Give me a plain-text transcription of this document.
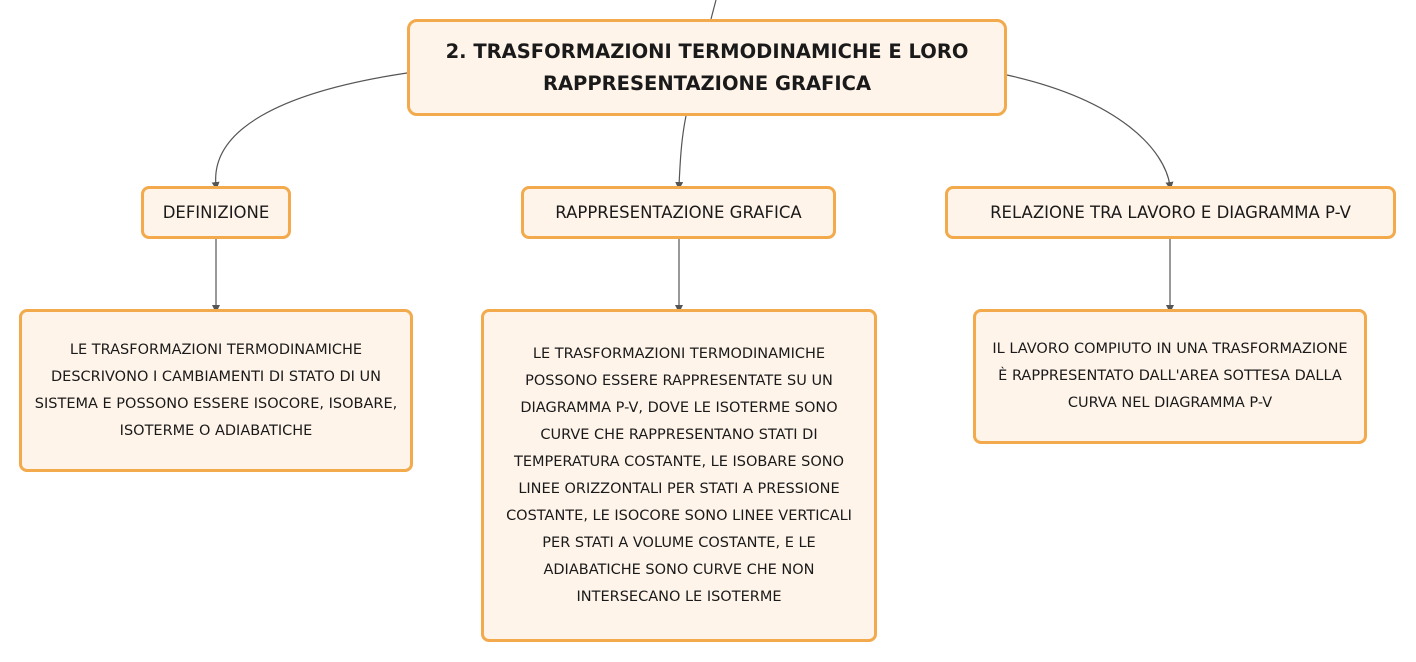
2. TRASFORMAZIONI TERMODINAMICHE E LORO RAPPRESENTAZIONE GRAFICA
DEFINIZIONE	RAPPRESENTAZIONE GRAFICA	RELAZIONE TRA LAVORO E DIAGRAMMA P-V
LE TRASFORMAZIONI TERMODINAMICHE DESCRIVONO I CAMBIAMENTI DI STATO DI UN SISTEMA E POSSONO ESSERE ISOCORE, ISOBARE, ISOTERME O ADIABATICHE
LE TRASFORMAZIONI TERMODINAMICHE POSSONO ESSERE RAPPRESENTATE SU UN DIAGRAMMA P-V, DOVE LE ISOTERME SONO CURVE CHE RAPPRESENTANO STATI DI TEMPERATURA COSTANTE, LE ISOBARE SONO LINEE ORIZZONTALI PER STATI A PRESSIONE COSTANTE, LE ISOCORE SONO LINEE VERTICALI PER STATI A VOLUME COSTANTE, E LE ADIABATICHE SONO CURVE CHE NON INTERSECANO LE ISOTERME
IL LAVORO COMPIUTO IN UNA TRASFORMAZIONE È RAPPRESENTATO DALL'AREA SOTTESA DALLA CURVA NEL DIAGRAMMA P-V
